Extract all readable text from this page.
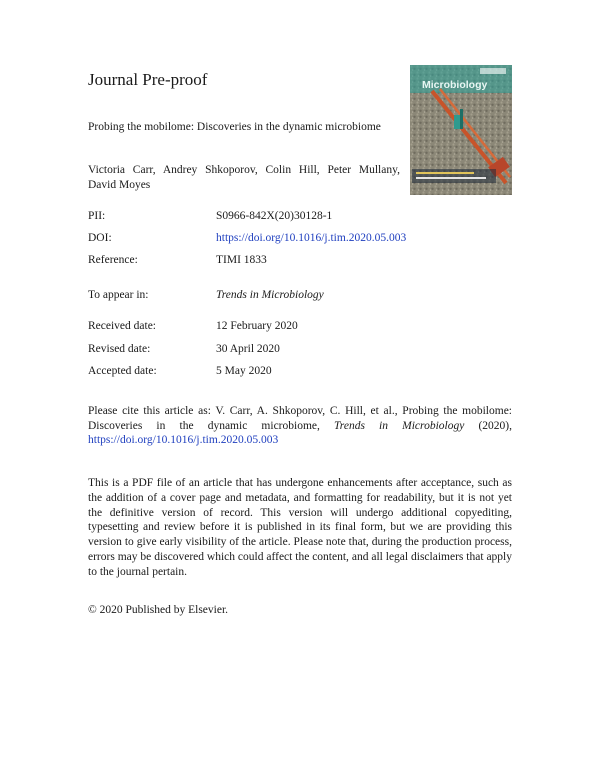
Journal Pre-proof
Probing the mobilome: Discoveries in the dynamic microbiome
Victoria Carr, Andrey Shkoporov, Colin Hill, Peter Mullany,
David Moyes
PII:	S0966-842X(20)30128-1
DOI:	https://doi.org/10.1016/j.tim.2020.05.003
Reference:	TIMI 1833
To appear in:	Trends in Microbiology
Received date:	12 February 2020
Revised date:	30 April 2020
Accepted date:	5 May 2020
Please cite this article as: V. Carr, A. Shkoporov, C. Hill, et al., Probing the mobilome: Discoveries in the dynamic microbiome, Trends in Microbiology (2020), https://doi.org/10.1016/j.tim.2020.05.003
This is a PDF file of an article that has undergone enhancements after acceptance, such as the addition of a cover page and metadata, and formatting for readability, but it is not yet the definitive version of record. This version will undergo additional copyediting, typesetting and review before it is published in its final form, but we are providing this version to give early visibility of the article. Please note that, during the production process, errors may be discovered which could affect the content, and all legal disclaimers that apply to the journal pertain.
© 2020 Published by Elsevier.
Microbiology
